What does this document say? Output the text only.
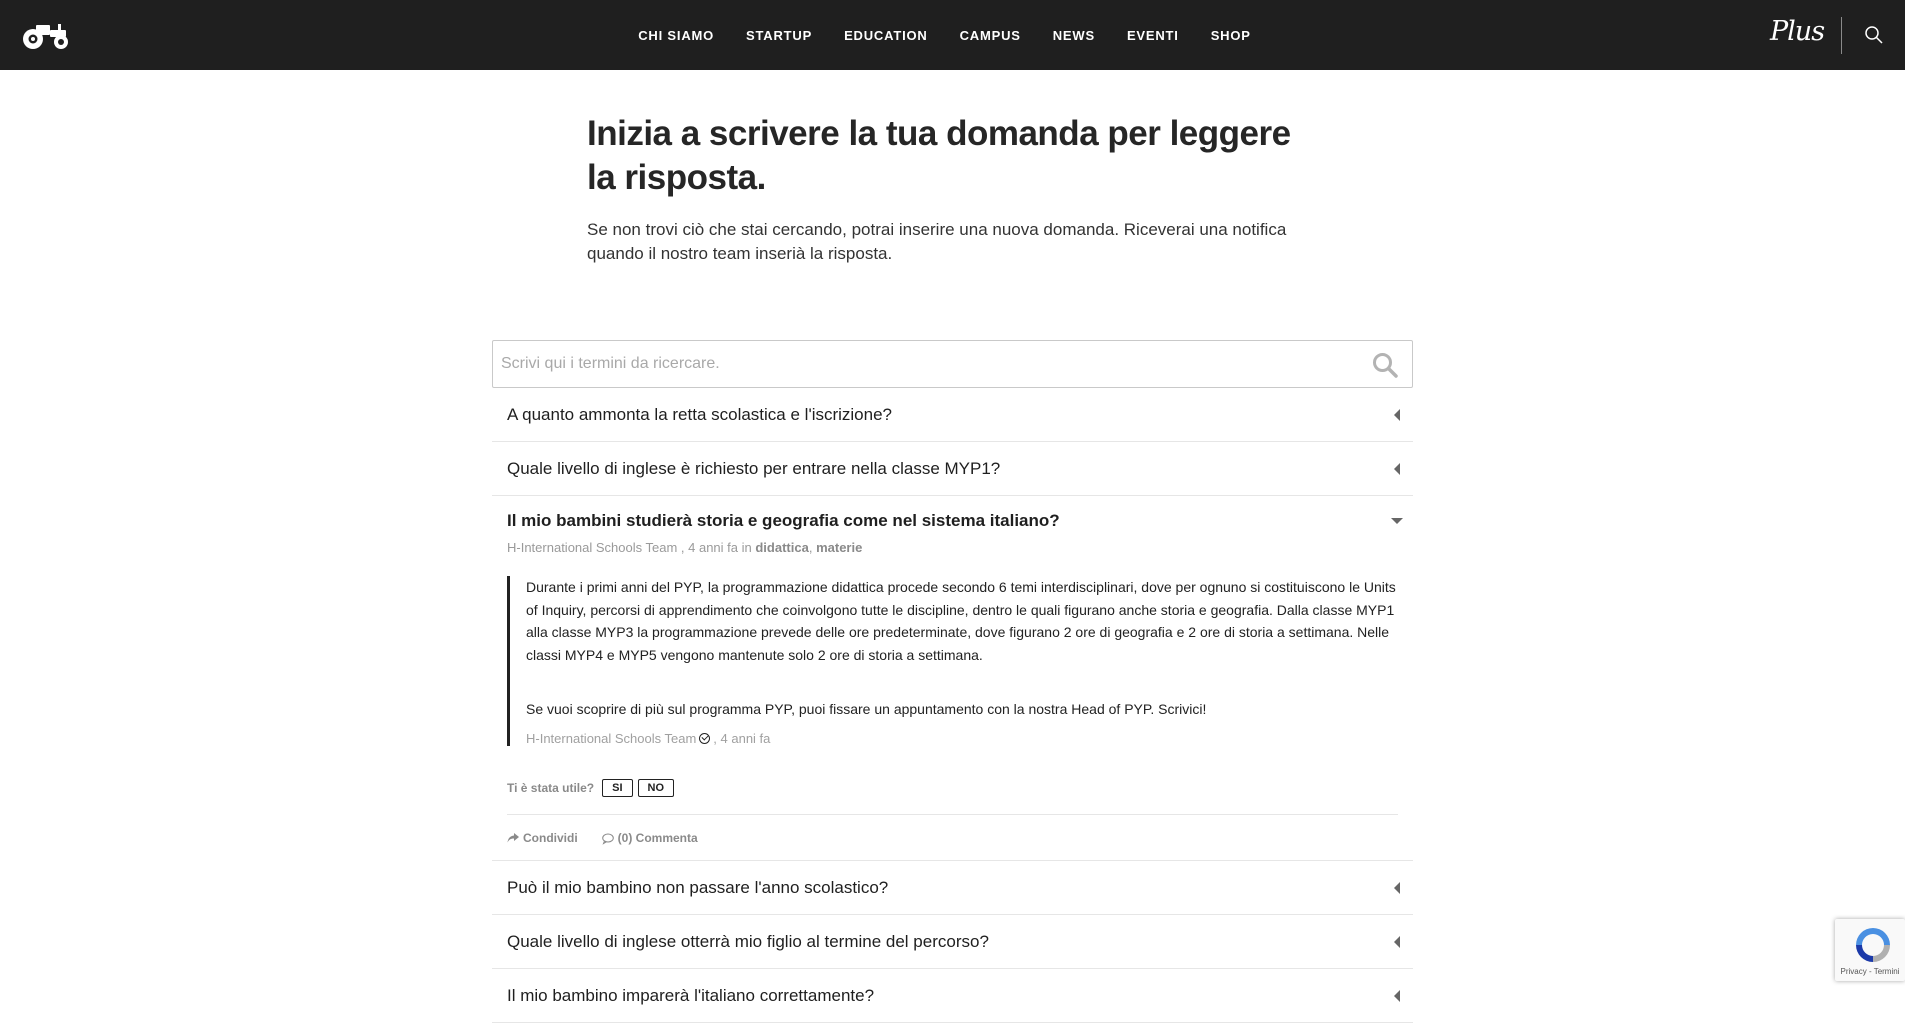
CHI SIAMO	STARTUP	EDUCATION	CAMPUS	NEWS	EVENTI	SHOP	Plus
Inizia a scrivere la tua domanda per leggere la risposta.

Se non trovi ciò che stai cercando, potrai inserire una nuova domanda. Riceverai una notifica quando il nostro team inserià la risposta.

Scrivi qui i termini da ricercare.
A quanto ammonta la retta scolastica e l'iscrizione?
Quale livello di inglese è richiesto per entrare nella classe MYP1?
Il mio bambini studierà storia e geografia come nel sistema italiano?
H-International Schools Team , 4 anni fa in didattica, materie

Durante i primi anni del PYP, la programmazione didattica procede secondo 6 temi interdisciplinari, dove per ognuno si costituiscono le Units of Inquiry, percorsi di apprendimento che coinvolgono tutte le discipline, dentro le quali figurano anche storia e geografia. Dalla classe MYP1 alla classe MYP3 la programmazione prevede delle ore predeterminate, dove figurano 2 ore di geografia e 2 ore di storia a settimana. Nelle classi MYP4 e MYP5 vengono mantenute solo 2 ore di storia a settimana.

Se vuoi scoprire di più sul programma PYP, puoi fissare un appuntamento con la nostra Head of PYP. Scrivici!

H-International Schools Team , 4 anni fa
Ti è stata utile?	SI	NO
Condividi	(0) Commenta
Può il mio bambino non passare l'anno scolastico?
Quale livello di inglese otterrà mio figlio al termine del percorso?
Il mio bambino imparerà l'italiano correttamente?
Privacy - Termini
